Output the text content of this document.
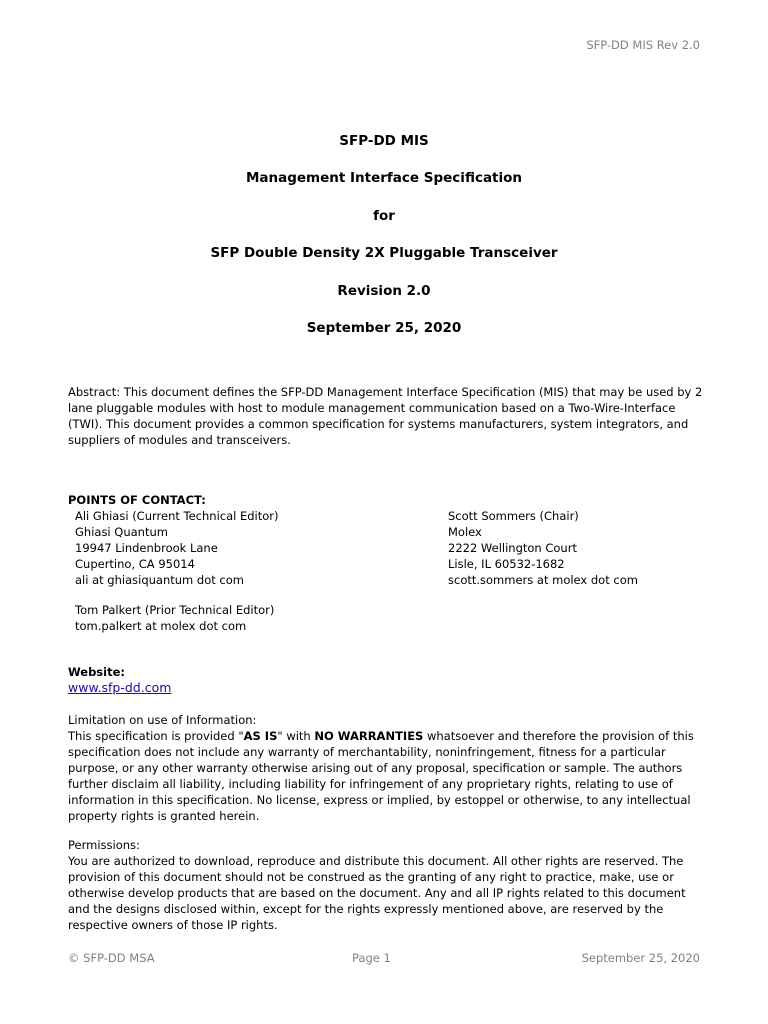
SFP-DD MIS Rev 2.0
SFP-DD MIS
Management Interface Specification
for
SFP Double Density 2X Pluggable Transceiver
Revision 2.0
September 25, 2020
Abstract: This document defines the SFP-DD Management Interface Specification (MIS) that may be used by 2 lane pluggable modules with host to module management communication based on a Two-Wire-Interface (TWI). This document provides a common specification for systems manufacturers, system integrators, and suppliers of modules and transceivers.
POINTS OF CONTACT:
Ali Ghiasi (Current Technical Editor)
Ghiasi Quantum
19947 Lindenbrook Lane
Cupertino, CA 95014
ali at ghiasiquantum dot com
Scott Sommers (Chair)
Molex
2222 Wellington Court
Lisle, IL 60532-1682
scott.sommers at molex dot com
Tom Palkert (Prior Technical Editor)
tom.palkert at molex dot com
Website:
www.sfp-dd.com
Limitation on use of Information:
This specification is provided "AS IS" with NO WARRANTIES whatsoever and therefore the provision of this specification does not include any warranty of merchantability, noninfringement, fitness for a particular purpose, or any other warranty otherwise arising out of any proposal, specification or sample. The authors further disclaim all liability, including liability for infringement of any proprietary rights, relating to use of information in this specification. No license, express or implied, by estoppel or otherwise, to any intellectual property rights is granted herein.
Permissions:
You are authorized to download, reproduce and distribute this document. All other rights are reserved. The provision of this document should not be construed as the granting of any right to practice, make, use or otherwise develop products that are based on the document. Any and all IP rights related to this document and the designs disclosed within, except for the rights expressly mentioned above, are reserved by the respective owners of those IP rights.
© SFP-DD MSA	Page 1	September 25, 2020
